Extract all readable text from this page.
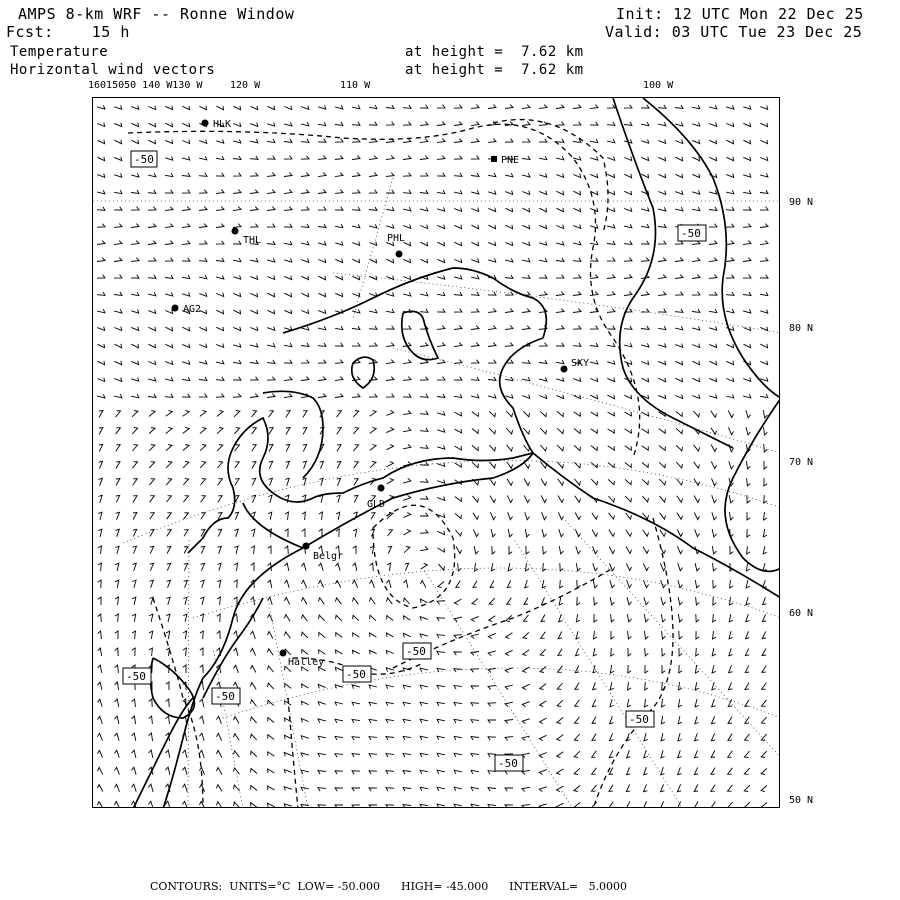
AMPS 8-km WRF -- Ronne Window
Fcst:    15 h
Temperature
Horizontal wind vectors
Init: 12 UTC Mon 22 Dec 25
Valid: 03 UTC Tue 23 Dec 25
at height =  7.62 km
at height =  7.62 km
16015050 140 W130 W	120 W	110 W	100 W
90 N
80 N
70 N
60 N
50 N
HLK
PNE
THL	PHL
AG2
SKY
GLD
Belgr
Halley
-50
-50
-50
-50	-50
-50
-50
-50
CONTOURS:  UNITS=°C  LOW= -50.000      HIGH= -45.000      INTERVAL=   5.0000
